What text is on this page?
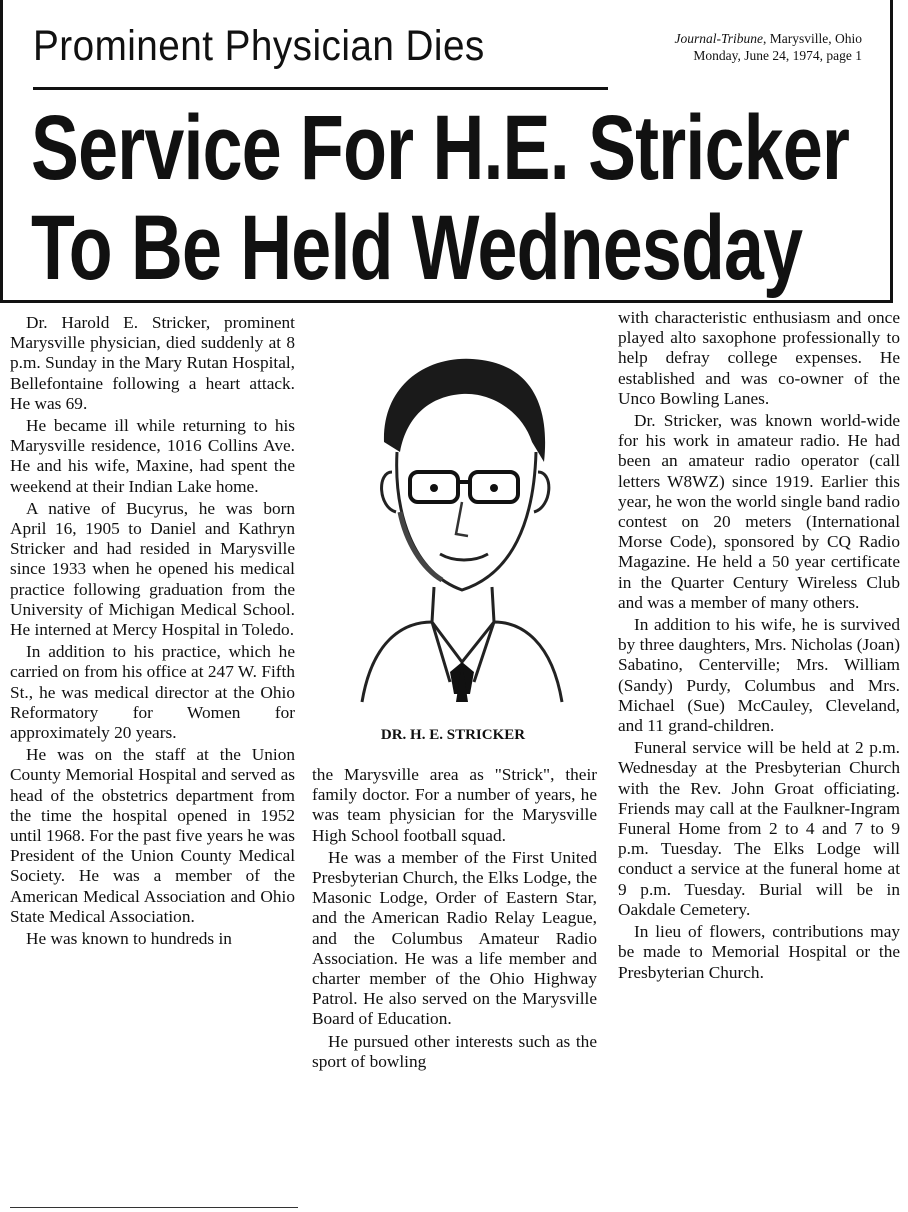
Prominent Physician Dies	Journal-Tribune, Marysville, Ohio
Monday, June 24, 1974, page 1
Service For H.E. Stricker
To Be Held Wednesday

Dr. Harold E. Stricker, prominent Marysville physician, died suddenly at 8 p.m. Sunday in the Mary Rutan Hospital, Bellefontaine following a heart attack. He was 69.

He became ill while returning to his Marysville residence, 1016 Collins Ave. He and his wife, Maxine, had spent the weekend at their Indian Lake home.

A native of Bucyrus, he was born April 16, 1905 to Daniel and Kathryn Stricker and had resided in Marysville since 1933 when he opened his medical practice following graduation from the University of Michigan Medical School. He interned at Mercy Hospital in Toledo.

In addition to his practice, which he carried on from his office at 247 W. Fifth St., he was medical director at the Ohio Reformatory for Women for approximately 20 years.

He was on the staff at the Union County Memorial Hospital and served as head of the obstetrics department from the time the hospital opened in 1952 until 1968. For the past five years he was President of the Union County Medical Society. He was a member of the American Medical Association and Ohio State Medical Association.

He was known to hundreds in

DR. H. E. STRICKER

the Marysville area as "Strick", their family doctor. For a number of years, he was team physician for the Marysville High School football squad.

He was a member of the First United Presbyterian Church, the Elks Lodge, the Masonic Lodge, Order of Eastern Star, and the American Radio Relay League, and the Columbus Amateur Radio Association. He was a life member and charter member of the Ohio Highway Patrol. He also served on the Marysville Board of Education.

He pursued other interests such as the sport of bowling

with characteristic enthusiasm and once played alto saxophone professionally to help defray college expenses. He established and was co-owner of the Unco Bowling Lanes.

Dr. Stricker, was known world-wide for his work in amateur radio. He had been an amateur radio operator (call letters W8WZ) since 1919. Earlier this year, he won the world single band radio contest on 20 meters (International Morse Code), sponsored by CQ Radio Magazine. He held a 50 year certificate in the Quarter Century Wireless Club and was a member of many others.

In addition to his wife, he is survived by three daughters, Mrs. Nicholas (Joan) Sabatino, Centerville; Mrs. William (Sandy) Purdy, Columbus and Mrs. Michael (Sue) McCauley, Cleveland, and 11 grand-children.

Funeral service will be held at 2 p.m. Wednesday at the Presbyterian Church with the Rev. John Groat officiating. Friends may call at the Faulkner-Ingram Funeral Home from 2 to 4 and 7 to 9 p.m. Tuesday. The Elks Lodge will conduct a service at the funeral home at 9 p.m. Tuesday. Burial will be in Oakdale Cemetery.

In lieu of flowers, contributions may be made to Memorial Hospital or the Presbyterian Church.
